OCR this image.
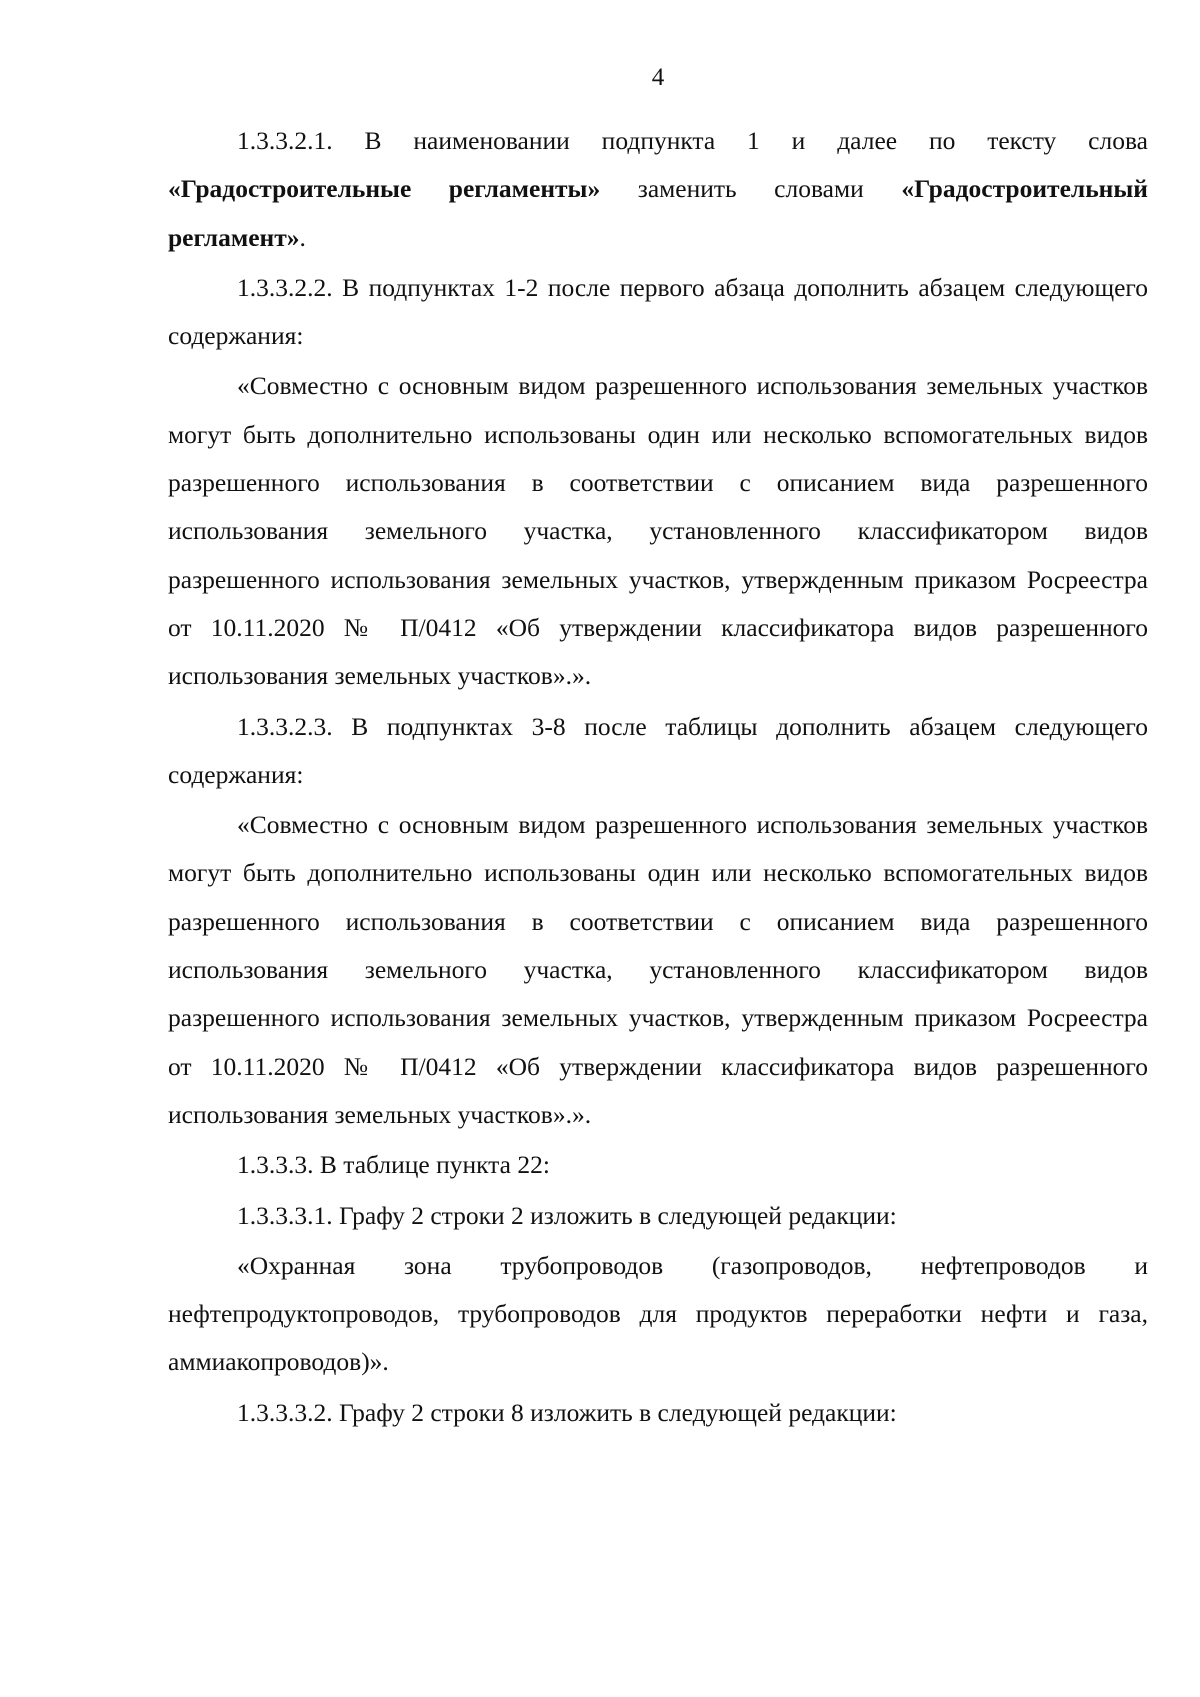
4

1.3.3.2.1. В наименовании подпункта 1 и далее по тексту слова «Градостроительные регламенты» заменить словами «Градостроительный регламент».

1.3.3.2.2. В подпунктах 1-2 после первого абзаца дополнить абзацем следующего содержания:

«Совместно с основным видом разрешенного использования земельных участков могут быть дополнительно использованы один или несколько вспомогательных видов разрешенного использования в соответствии с описанием вида разрешенного использования земельного участка, установленного классификатором видов разрешенного использования земельных участков, утвержденным приказом Росреестра от 10.11.2020 № П/0412 «Об утверждении классификатора видов разрешенного использования земельных участков».».

1.3.3.2.3. В подпунктах 3-8 после таблицы дополнить абзацем следующего содержания:

«Совместно с основным видом разрешенного использования земельных участков могут быть дополнительно использованы один или несколько вспомогательных видов разрешенного использования в соответствии с описанием вида разрешенного использования земельного участка, установленного классификатором видов разрешенного использования земельных участков, утвержденным приказом Росреестра от 10.11.2020 № П/0412 «Об утверждении классификатора видов разрешенного использования земельных участков».».

1.3.3.3. В таблице пункта 22:

1.3.3.3.1. Графу 2 строки 2 изложить в следующей редакции:

«Охранная зона трубопроводов (газопроводов, нефтепроводов и нефтепродуктопроводов, трубопроводов для продуктов переработки нефти и газа, аммиакопроводов)».

1.3.3.3.2. Графу 2 строки 8 изложить в следующей редакции:
